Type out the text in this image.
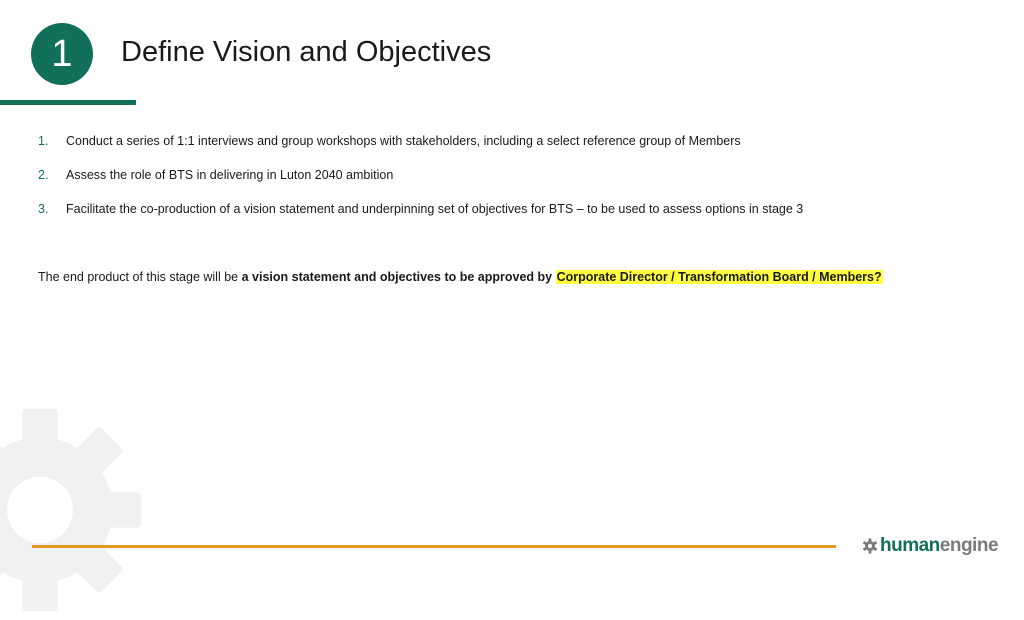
1	Define Vision and Objectives
1.	Conduct a series of 1:1 interviews and group workshops with stakeholders, including a select reference group of Members
2.	Assess the role of BTS in delivering in Luton 2040 ambition
3.	Facilitate the co-production of a vision statement and underpinning set of objectives for BTS – to be used to assess options in stage 3

The end product of this stage will be a vision statement and objectives to be approved by Corporate Director / Transformation Board / Members?

human engine
